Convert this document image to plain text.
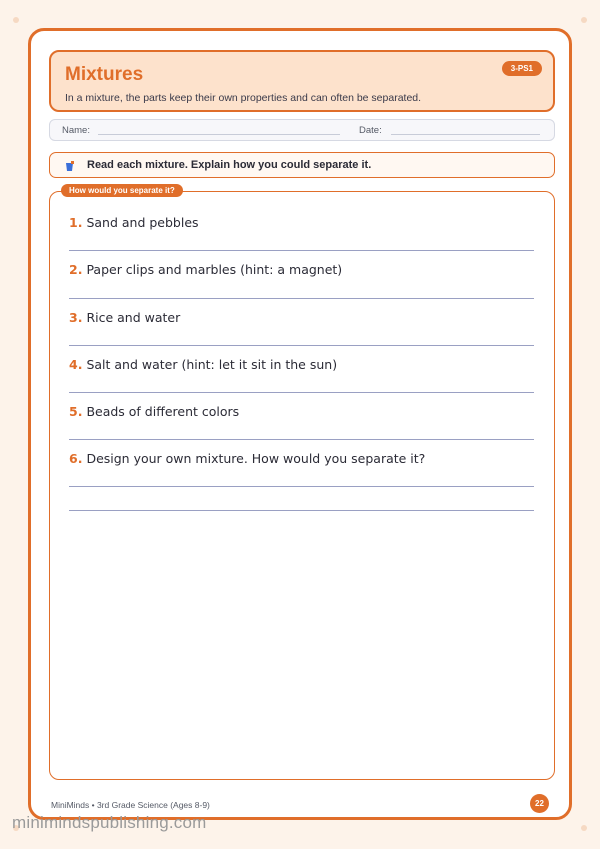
Mixtures
In a mixture, the parts keep their own properties and can often be separated.
3-PS1
Name:	Date:
Read each mixture. Explain how you could separate it.
How would you separate it?
1. Sand and pebbles
2. Paper clips and marbles (hint: a magnet)
3. Rice and water
4. Salt and water (hint: let it sit in the sun)
5. Beads of different colors
6. Design your own mixture. How would you separate it?
MiniMinds • 3rd Grade Science (Ages 8-9)	22
minimindspublishing.com
